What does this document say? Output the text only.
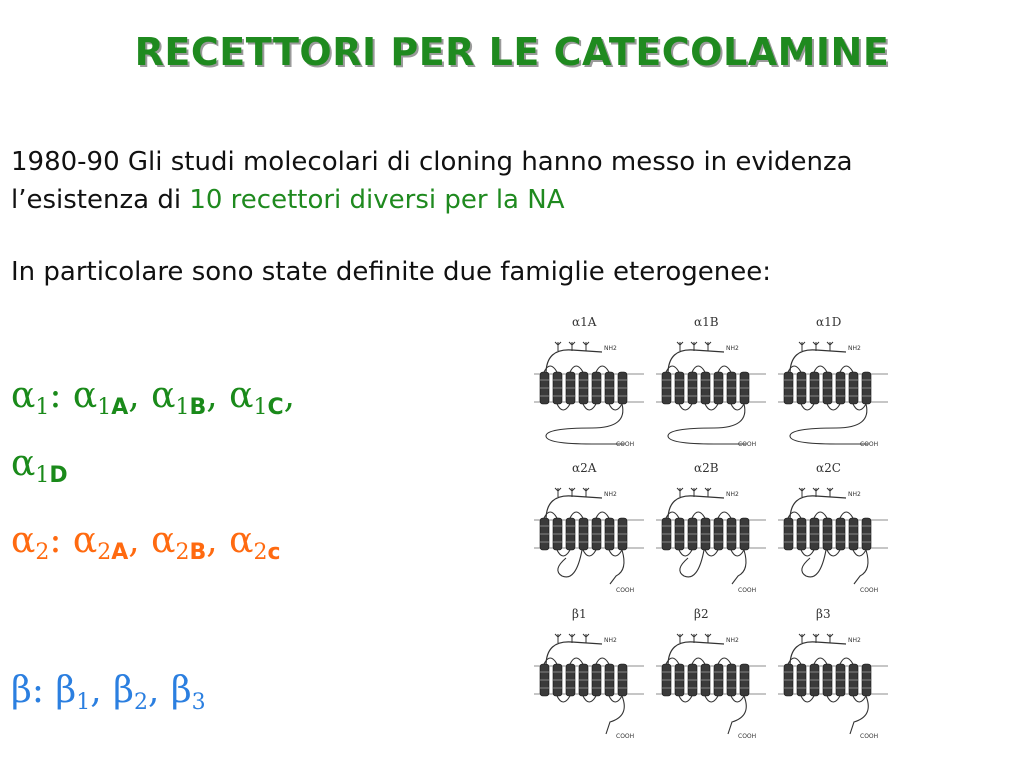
RECETTORI PER LE CATECOLAMINE
1980-90 Gli studi molecolari di cloning hanno messo in evidenza
l’esistenza di 10 recettori diversi per la NA
In particolare sono state definite due famiglie eterogenee:
$\alpha_1$: $\alpha_1A$, $\alpha_1B$, $\alpha_1C$,
$\alpha_1D$
$\alpha_2$: $\alpha_2A$, $\alpha_2B$, $\alpha_2c$
β: $\beta_1$, $\beta_2$, $\beta_3$
α1A
NH2
COOH
α1B
NH2
COOH
α1D
NH2
COOH
α2A
NH2
COOH
α2B
NH2
COOH
α2C
NH2
COOH
β1
NH2
COOH
β2
NH2
COOH
β3
NH2
COOH
